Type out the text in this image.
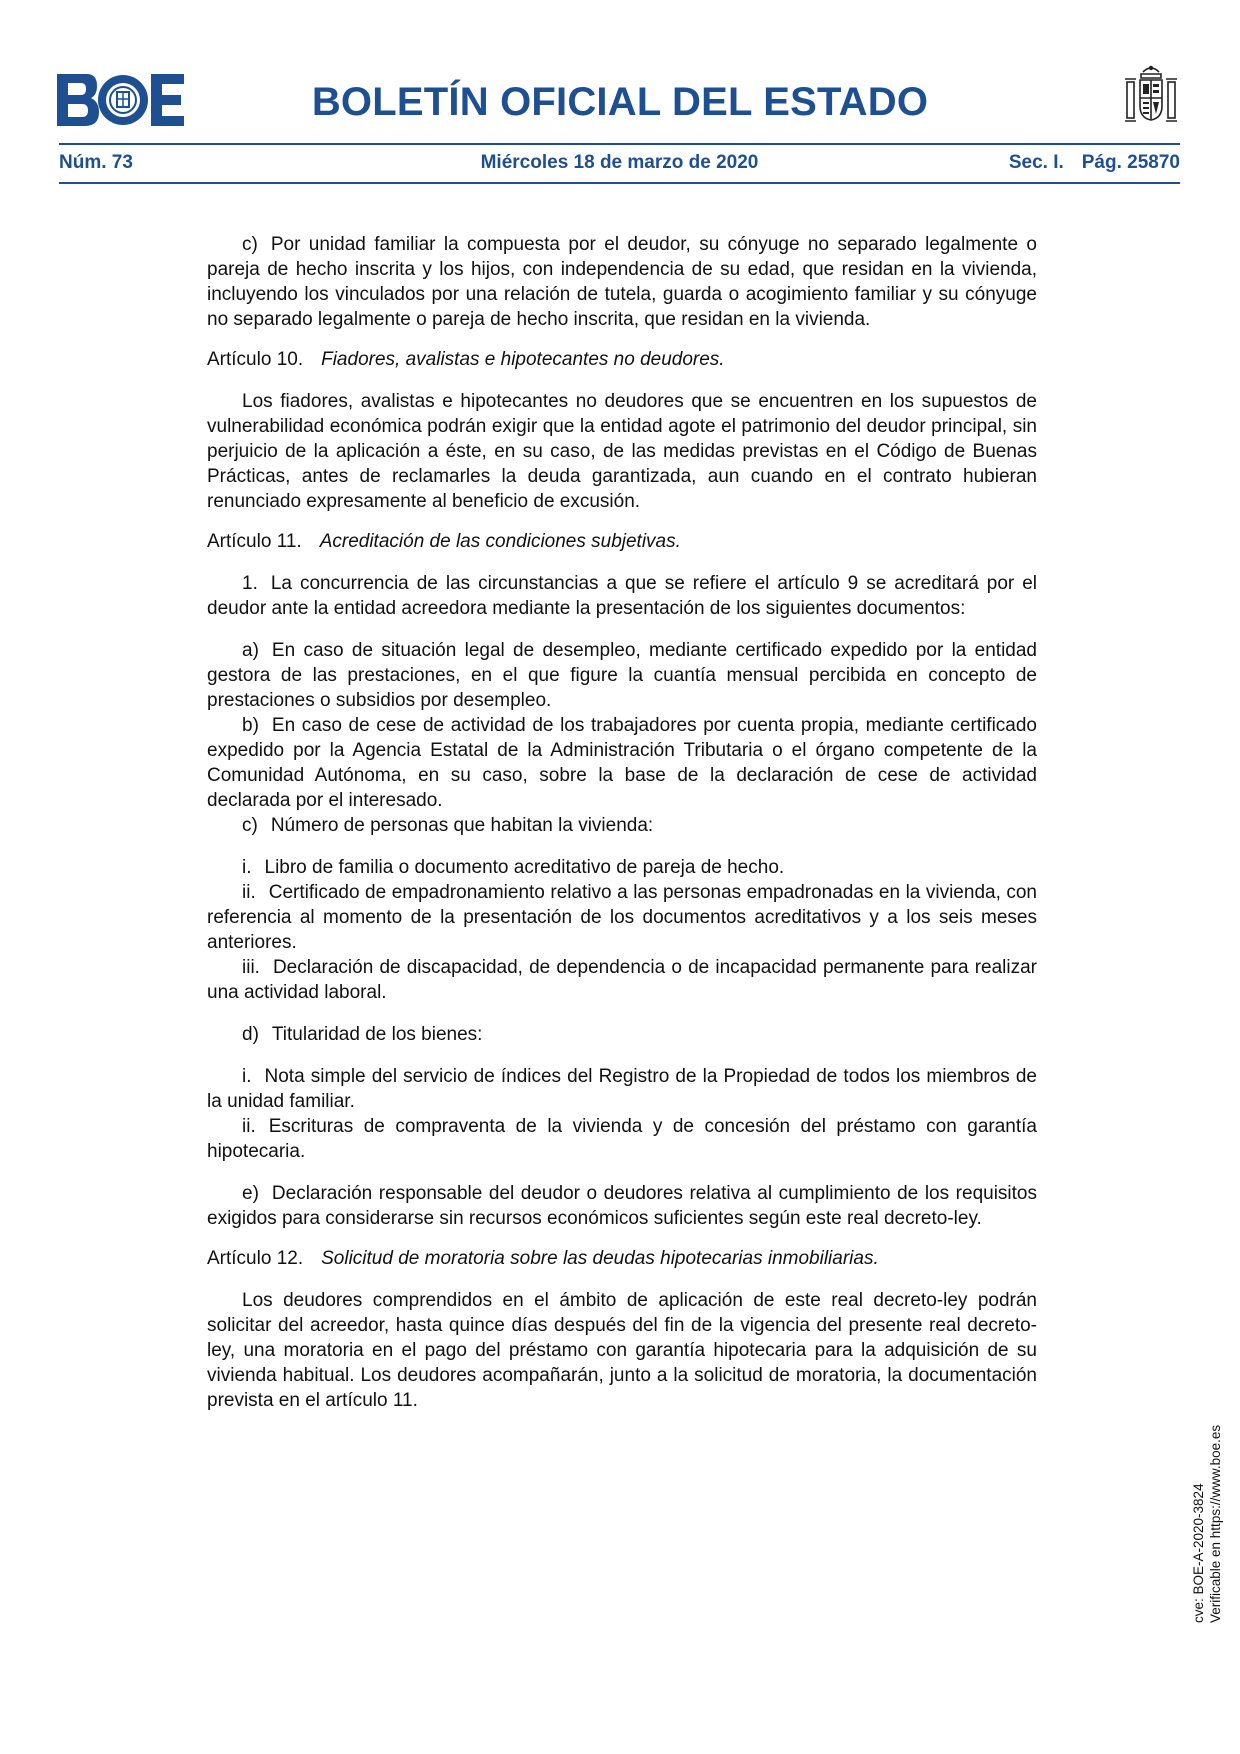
BOLETÍN OFICIAL DEL ESTADO
Núm. 73	Miércoles 18 de marzo de 2020	Sec. I. Pág. 25870

c) Por unidad familiar la compuesta por el deudor, su cónyuge no separado legalmente o pareja de hecho inscrita y los hijos, con independencia de su edad, que residan en la vivienda, incluyendo los vinculados por una relación de tutela, guarda o acogimiento familiar y su cónyuge no separado legalmente o pareja de hecho inscrita, que residan en la vivienda.

Artículo 10. Fiadores, avalistas e hipotecantes no deudores.

Los fiadores, avalistas e hipotecantes no deudores que se encuentren en los supuestos de vulnerabilidad económica podrán exigir que la entidad agote el patrimonio del deudor principal, sin perjuicio de la aplicación a éste, en su caso, de las medidas previstas en el Código de Buenas Prácticas, antes de reclamarles la deuda garantizada, aun cuando en el contrato hubieran renunciado expresamente al beneficio de excusión.

Artículo 11. Acreditación de las condiciones subjetivas.

1. La concurrencia de las circunstancias a que se refiere el artículo 9 se acreditará por el deudor ante la entidad acreedora mediante la presentación de los siguientes documentos:

a) En caso de situación legal de desempleo, mediante certificado expedido por la entidad gestora de las prestaciones, en el que figure la cuantía mensual percibida en concepto de prestaciones o subsidios por desempleo.

b) En caso de cese de actividad de los trabajadores por cuenta propia, mediante certificado expedido por la Agencia Estatal de la Administración Tributaria o el órgano competente de la Comunidad Autónoma, en su caso, sobre la base de la declaración de cese de actividad declarada por el interesado.

c) Número de personas que habitan la vivienda:

i. Libro de familia o documento acreditativo de pareja de hecho.

ii. Certificado de empadronamiento relativo a las personas empadronadas en la vivienda, con referencia al momento de la presentación de los documentos acreditativos y a los seis meses anteriores.

iii. Declaración de discapacidad, de dependencia o de incapacidad permanente para realizar una actividad laboral.

d) Titularidad de los bienes:

i. Nota simple del servicio de índices del Registro de la Propiedad de todos los miembros de la unidad familiar.

ii. Escrituras de compraventa de la vivienda y de concesión del préstamo con garantía hipotecaria.

e) Declaración responsable del deudor o deudores relativa al cumplimiento de los requisitos exigidos para considerarse sin recursos económicos suficientes según este real decreto-ley.

Artículo 12. Solicitud de moratoria sobre las deudas hipotecarias inmobiliarias.

Los deudores comprendidos en el ámbito de aplicación de este real decreto-ley podrán solicitar del acreedor, hasta quince días después del fin de la vigencia del presente real decreto-ley, una moratoria en el pago del préstamo con garantía hipotecaria para la adquisición de su vivienda habitual. Los deudores acompañarán, junto a la solicitud de moratoria, la documentación prevista en el artículo 11.

cve: BOE-A-2020-3824 Verificable en https://www.boe.es
